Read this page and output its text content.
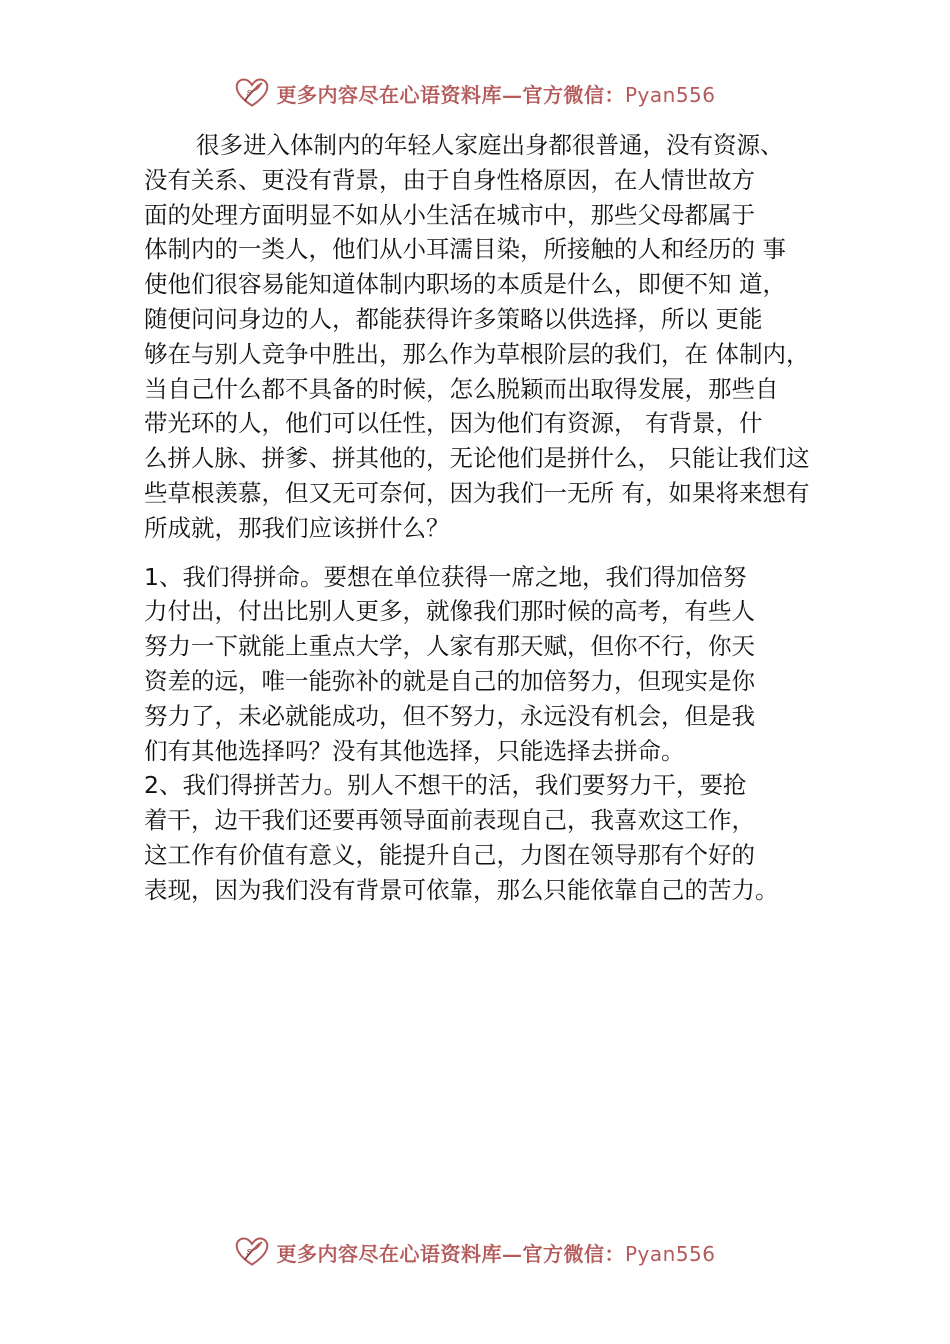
s 更多内容尽在心语资料库—官方微信：Pyan556
很多进入体制内的年轻人家庭出身都很普通，没有资源、
没有关系、更没有背景，由于自身性格原因，在人情世故方
面的处理方面明显不如从小生活在城市中，那些父母都属于
体制内的一类人，他们从小耳濡目染，所接触的人和经历的 事
使他们很容易能知道体制内职场的本质是什么，即便不知 道，
随便问问身边的人，都能获得许多策略以供选择，所以 更能
够在与别人竞争中胜出，那么作为草根阶层的我们，在 体制内，
当自己什么都不具备的时候，怎么脱颖而出取得发展，那些自
带光环的人，他们可以任性，因为他们有资源， 有背景，什
么拼人脉、拼爹、拼其他的，无论他们是拼什么， 只能让我们这
些草根羡慕，但又无可奈何，因为我们一无所 有，如果将来想有
所成就，那我们应该拼什么？
1、我们得拼命。要想在单位获得一席之地，我们得加倍努
力付出，付出比别人更多，就像我们那时候的高考，有些人
努力一下就能上重点大学，人家有那天赋，但你不行，你天
资差的远，唯一能弥补的就是自己的加倍努力，但现实是你
努力了，未必就能成功，但不努力，永远没有机会，但是我
们有其他选择吗？没有其他选择，只能选择去拼命。
2、我们得拼苦力。别人不想干的活，我们要努力干，要抢
着干，边干我们还要再领导面前表现自己，我喜欢这工作，
这工作有价值有意义，能提升自己，力图在领导那有个好的
表现，因为我们没有背景可依靠，那么只能依靠自己的苦力。
s 更多内容尽在心语资料库—官方微信：Pyan556
